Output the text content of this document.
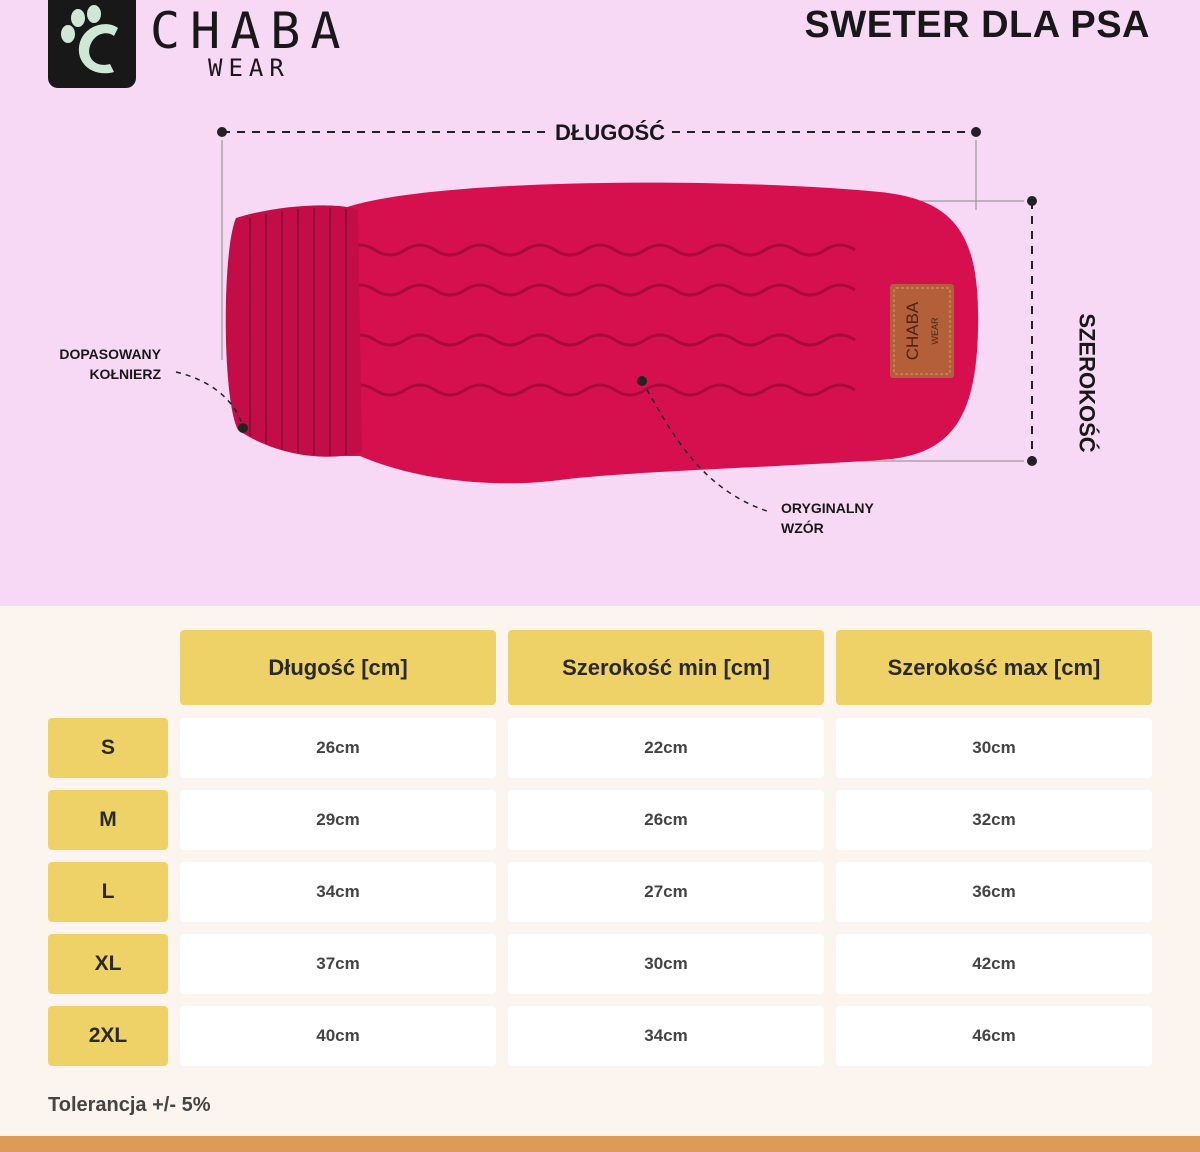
CHABA
WEAR
SWETER DLA PSA
CHABA WEAR
DŁUGOŚĆ
SZEROKOŚĆ
DOPASOWANY
KOŁNIERZ
ORYGINALNY
WZÓR
Długość [cm]	Szerokość min [cm]	Szerokość max [cm]
S	26cm	22cm	30cm
M	29cm	26cm	32cm
L	34cm	27cm	36cm
XL	37cm	30cm	42cm
2XL	40cm	34cm	46cm
Tolerancja +/- 5%
